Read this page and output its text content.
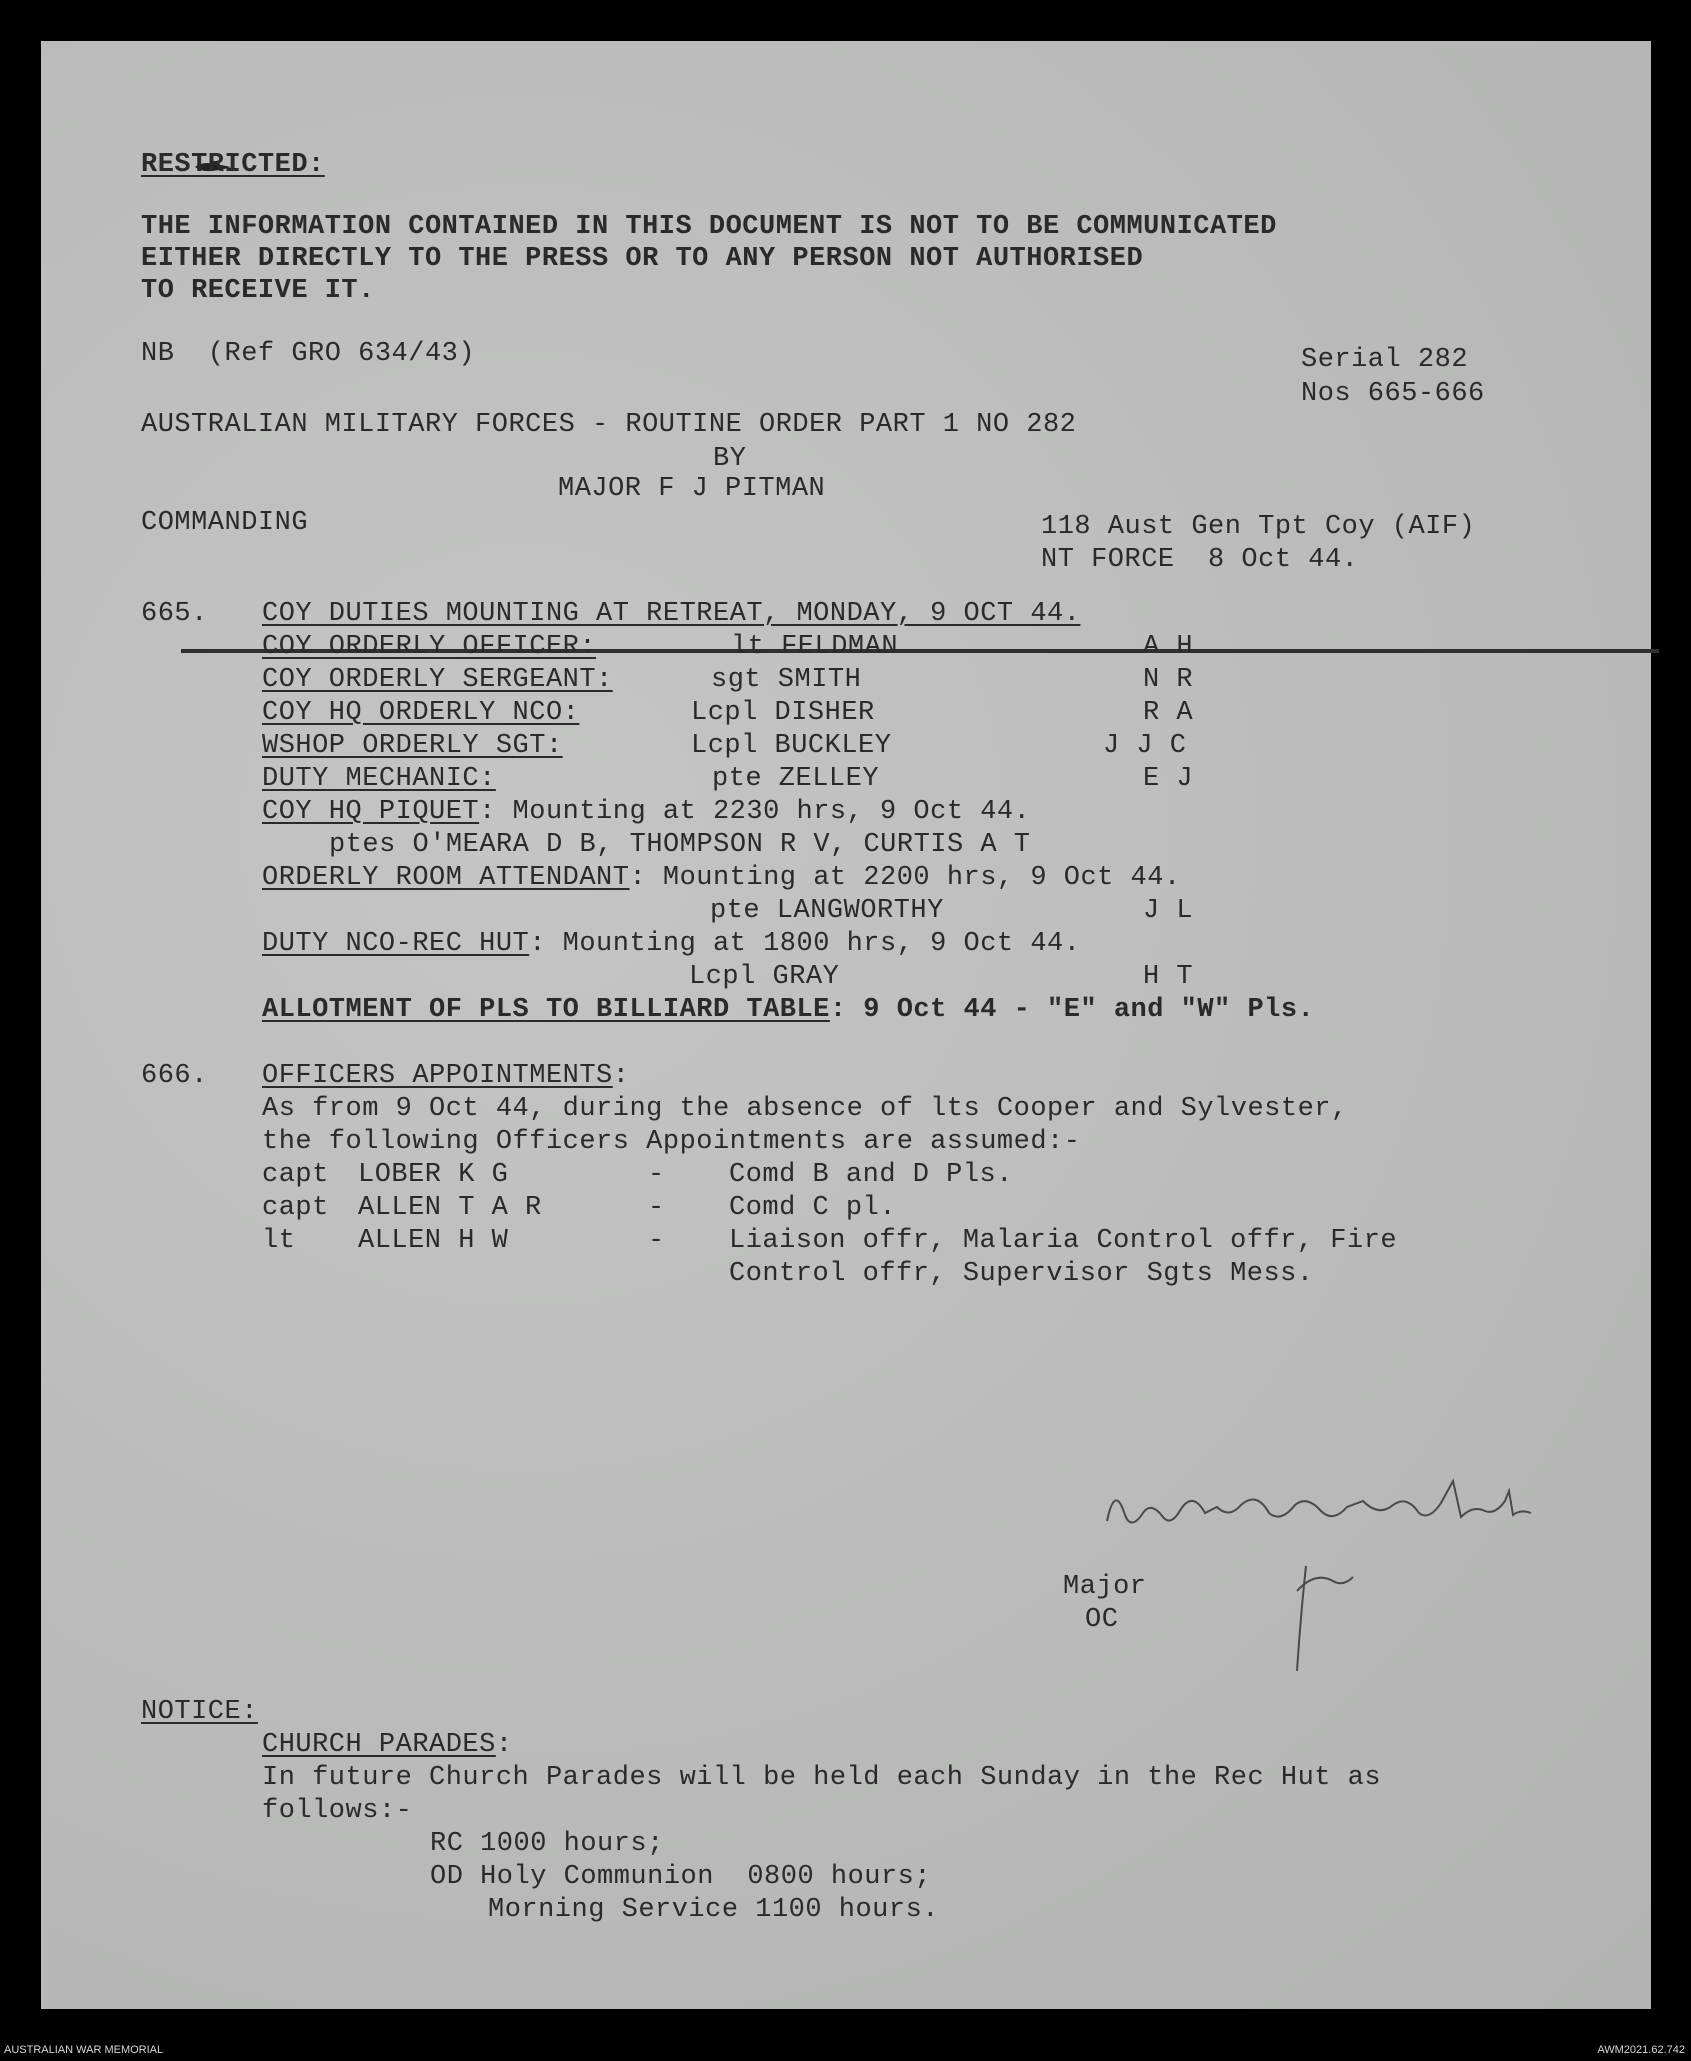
RESTRICTED:
THE INFORMATION CONTAINED IN THIS DOCUMENT IS NOT TO BE COMMUNICATED
EITHER DIRECTLY TO THE PRESS OR TO ANY PERSON NOT AUTHORISED
TO RECEIVE IT.
NB  (Ref GRO 634/43)	Serial 282
Nos 665-666
AUSTRALIAN MILITARY FORCES - ROUTINE ORDER PART 1 NO 282
BY
MAJOR F J PITMAN
COMMANDING	118 Aust Gen Tpt Coy (AIF)
NT FORCE  8 Oct 44.
665. COY DUTIES MOUNTING AT RETREAT, MONDAY, 9 OCT 44.
COY ORDERLY OFFICER:	lt FELDMAN	A H
COY ORDERLY SERGEANT:	sgt SMITH	N R
COY HQ ORDERLY NCO:	Lcpl DISHER	R A
WSHOP ORDERLY SGT:	Lcpl BUCKLEY	J J C
DUTY MECHANIC:	pte ZELLEY	E J
COY HQ PIQUET: Mounting at 2230 hrs, 9 Oct 44.
ptes O'MEARA D B, THOMPSON R V, CURTIS A T
ORDERLY ROOM ATTENDANT: Mounting at 2200 hrs, 9 Oct 44.
pte LANGWORTHY	J L
DUTY NCO-REC HUT: Mounting at 1800 hrs, 9 Oct 44.
Lcpl GRAY	H T
ALLOTMENT OF PLS TO BILLIARD TABLE: 9 Oct 44 - "E" and "W" Pls.
666. OFFICERS APPOINTMENTS:
As from 9 Oct 44, during the absence of lts Cooper and Sylvester,
the following Officers Appointments are assumed:-
capt LOBER K G	- Comd B and D Pls.
capt ALLEN T A R	- Comd C pl.
lt ALLEN H W	- Liaison offr, Malaria Control offr, Fire
Control offr, Supervisor Sgts Mess.
Major
OC
NOTICE:
CHURCH PARADES:
In future Church Parades will be held each Sunday in the Rec Hut as
follows:-
RC 1000 hours;
OD Holy Communion  0800 hours;
Morning Service 1100 hours.
AUSTRALIAN WAR MEMORIAL	AWM2021.62.742
